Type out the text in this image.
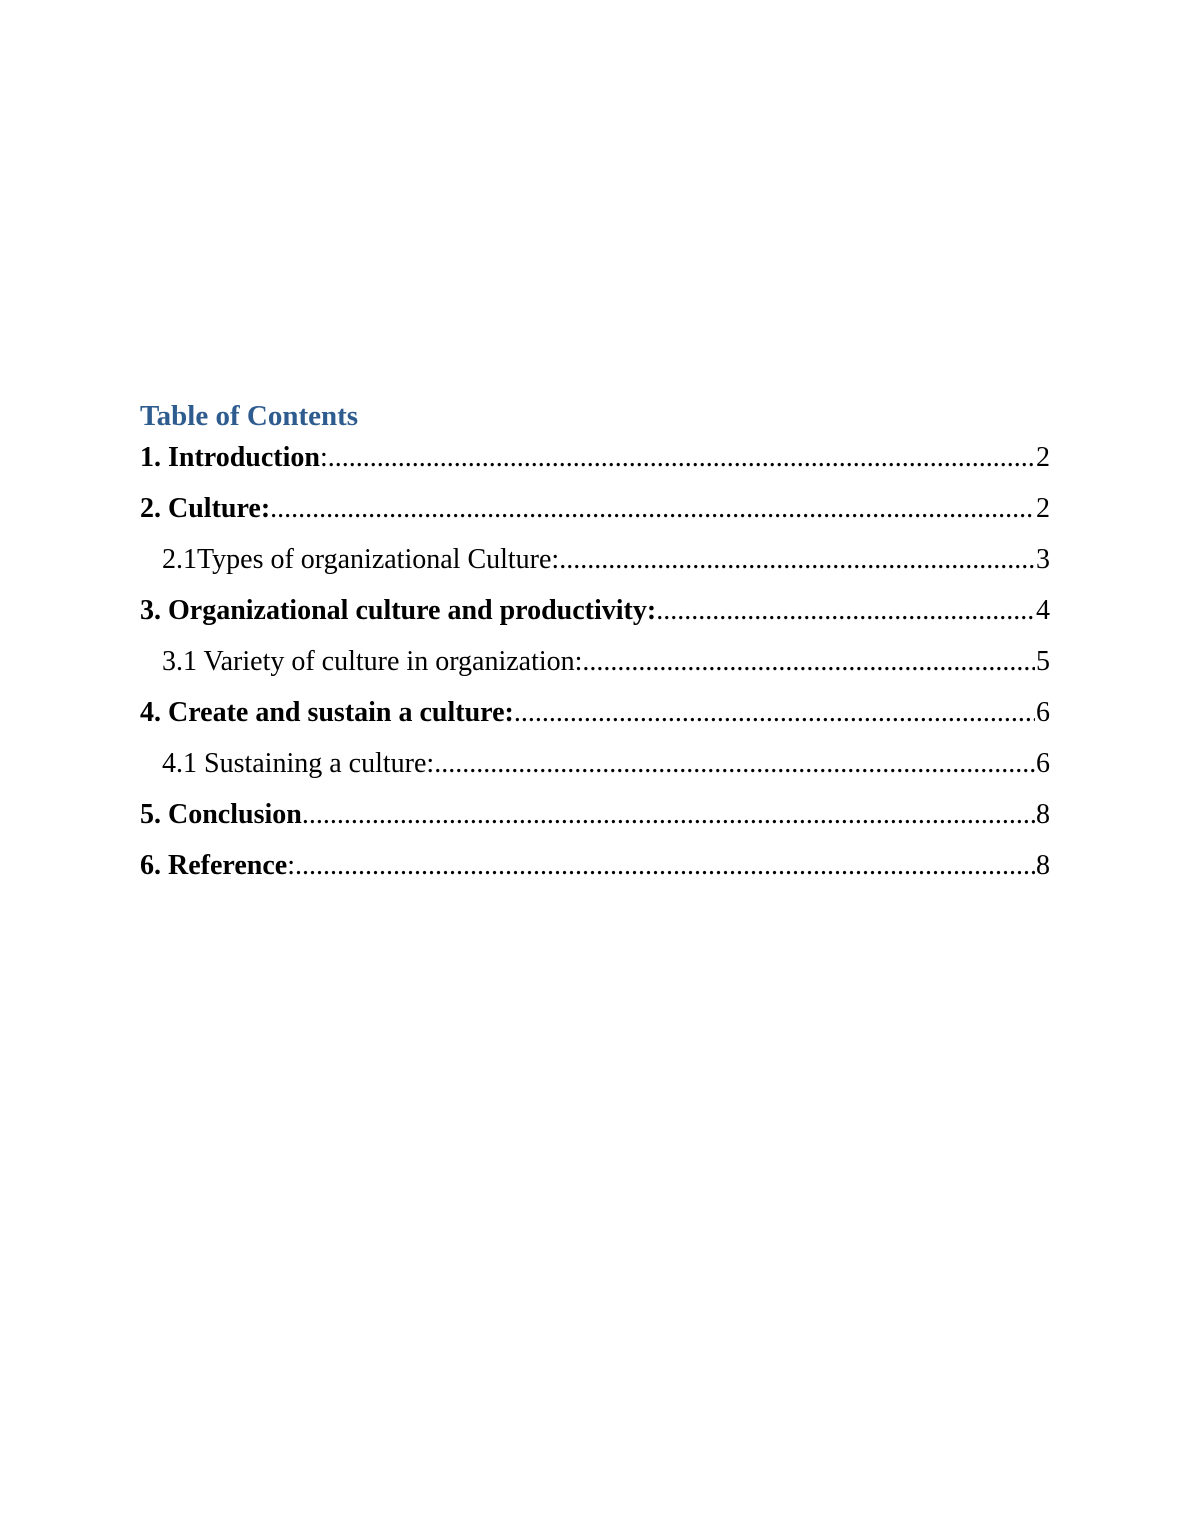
Table of Contents
1. Introduction: .....	2
2. Culture: .....	2
2.1Types of organizational Culture: .....	3
3. Organizational culture and productivity: .....	4
3.1 Variety of culture in organization: .....	5
4. Create and sustain a culture: .....	6
4.1 Sustaining a culture: .....	6
5. Conclusion .....	8
6. Reference: .....	8
